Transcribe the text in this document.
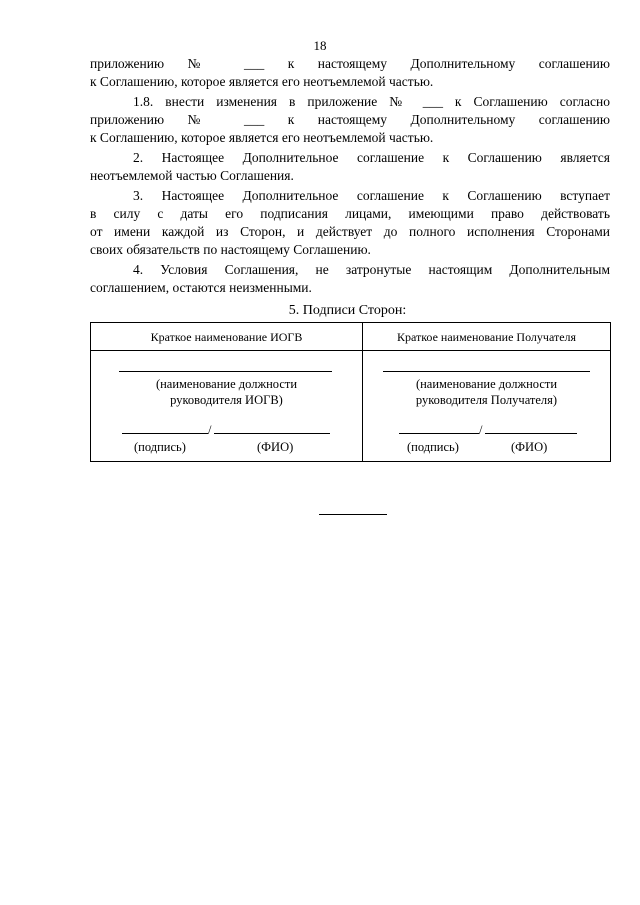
18
приложению № ___ к настоящему Дополнительному соглашению
к Соглашению, которое является его неотъемлемой частью.
1.8. внести изменения в приложение № ___ к Соглашению согласно
приложению № ___ к настоящему Дополнительному соглашению
к Соглашению, которое является его неотъемлемой частью.
2. Настоящее Дополнительное соглашение к Соглашению является
неотъемлемой частью Соглашения.
3. Настоящее Дополнительное соглашение к Соглашению вступает
в силу с даты его подписания лицами, имеющими право действовать
от имени каждой из Сторон, и действует до полного исполнения Сторонами
своих обязательств по настоящему Соглашению.
4. Условия Соглашения, не затронутые настоящим Дополнительным
соглашением, остаются неизменными.
5. Подписи Сторон:
Краткое наименование ИОГВ
(наименование должности
руководителя ИОГВ)
/
(подпись)	(ФИО)
Краткое наименование Получателя
(наименование должности
руководителя Получателя)
/
(подпись)	(ФИО)
